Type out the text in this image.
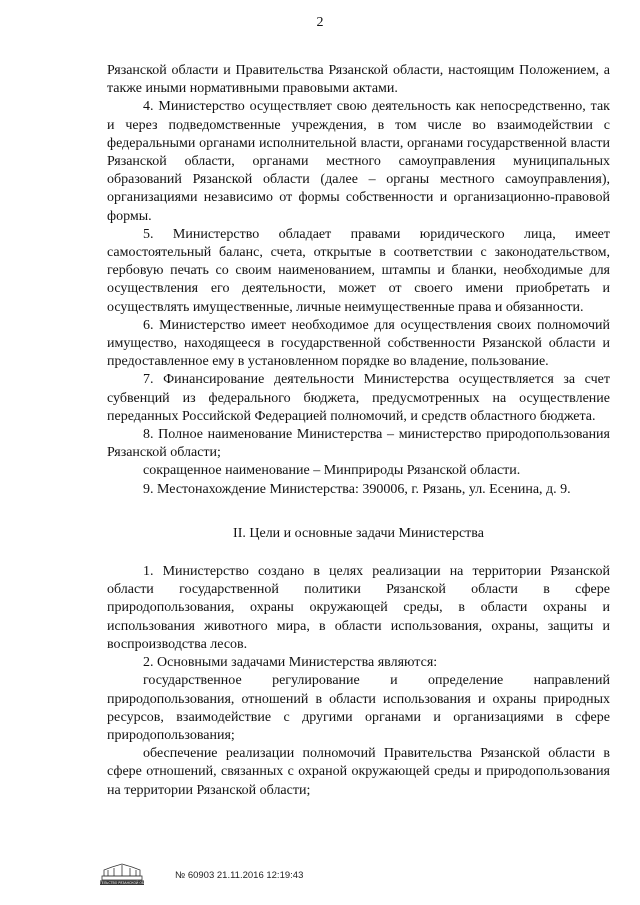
2

Рязанской области и Правительства Рязанской области, настоящим Положением, а также иными нормативными правовыми актами.

4. Министерство осуществляет свою деятельность как непосредственно, так и через подведомственные учреждения, в том числе во взаимодействии с федеральными органами исполнительной власти, органами государственной власти Рязанской области, органами местного самоуправления муниципальных образований Рязанской области (далее – органы местного самоуправления), организациями независимо от формы собственности и организационно-правовой формы.

5. Министерство обладает правами юридического лица, имеет самостоятельный баланс, счета, открытые в соответствии с законодательством, гербовую печать со своим наименованием, штампы и бланки, необходимые для осуществления его деятельности, может от своего имени приобретать и осуществлять имущественные, личные неимущественные права и обязанности.

6. Министерство имеет необходимое для осуществления своих полномочий имущество, находящееся в государственной собственности Рязанской области и предоставленное ему в установленном порядке во владение, пользование.

7. Финансирование деятельности Министерства осуществляется за счет субвенций из федерального бюджета, предусмотренных на осуществление переданных Российской Федерацией полномочий, и средств областного бюджета.

8. Полное наименование Министерства – министерство природопользования Рязанской области;

сокращенное наименование – Минприроды Рязанской области.

9. Местонахождение Министерства: 390006, г. Рязань, ул. Есенина, д. 9.

II. Цели и основные задачи Министерства

1. Министерство создано в целях реализации на территории Рязанской области государственной политики Рязанской области в сфере природопользования, охраны окружающей среды, в области охраны и использования животного мира, в области использования, охраны, защиты и воспроизводства лесов.

2. Основными задачами Министерства являются:

государственное регулирование и определение направлений природопользования, отношений в области использования и охраны природных ресурсов, взаимодействие с другими органами и организациями в сфере природопользования;

обеспечение реализации полномочий Правительства Рязанской области в сфере отношений, связанных с охраной окружающей среды и природопользования на территории Рязанской области;

ПРАВИТЕЛЬСТВО РЯЗАНСКОЙ ОБЛАСТИ
№ 60903 21.11.2016 12:19:43
